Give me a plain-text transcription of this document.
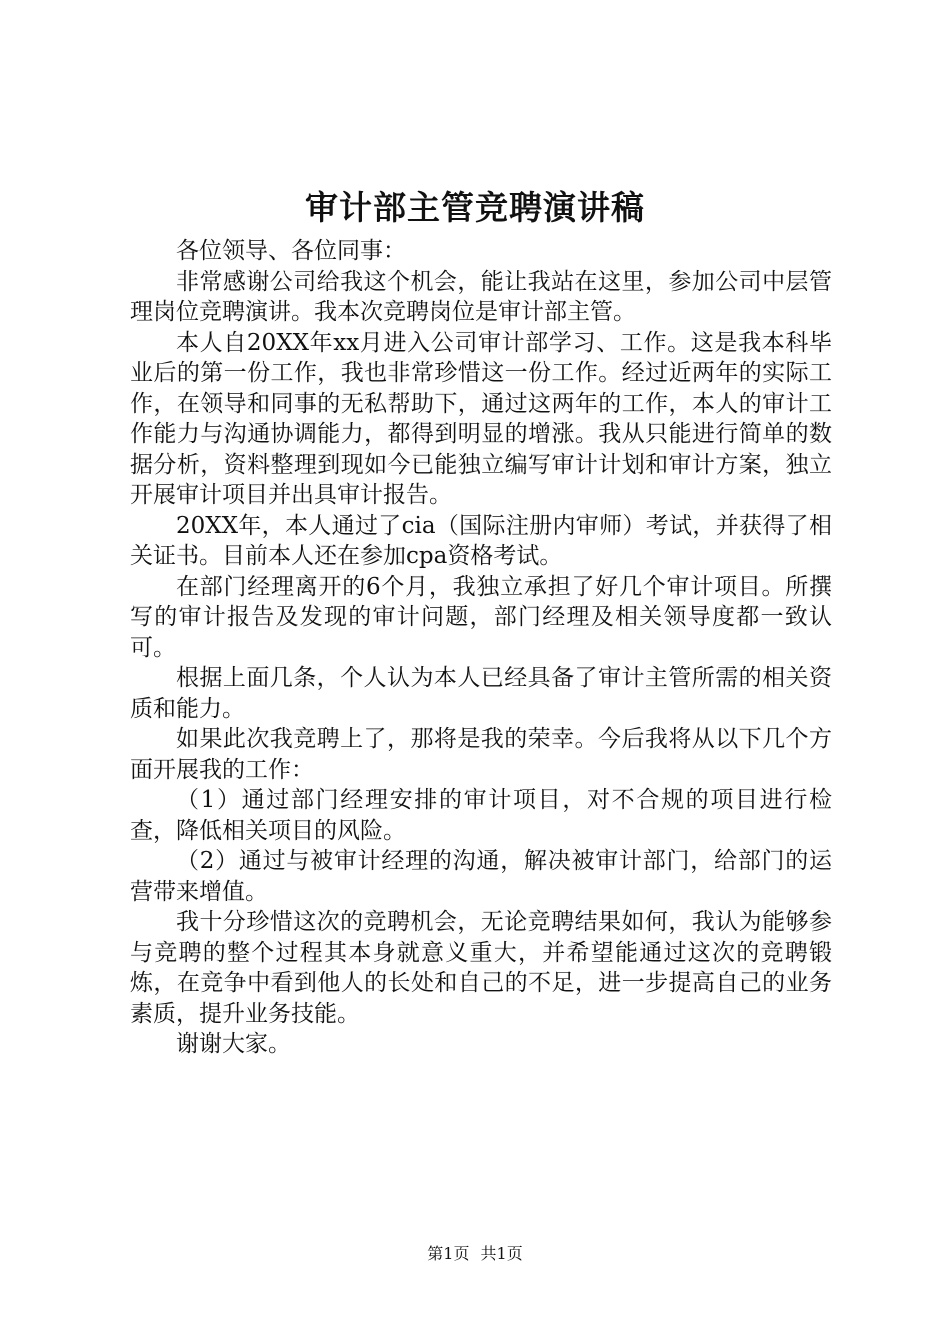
审计部主管竞聘演讲稿

各位领导、各位同事：

非常感谢公司给我这个机会，能让我站在这里，参加公司中层管理岗位竞聘演讲。我本次竞聘岗位是审计部主管。

本人自20XX年xx月进入公司审计部学习、工作。这是我本科毕业后的第一份工作，我也非常珍惜这一份工作。经过近两年的实际工作，在领导和同事的无私帮助下，通过这两年的工作，本人的审计工作能力与沟通协调能力，都得到明显的增涨。我从只能进行简单的数据分析，资料整理到现如今已能独立编写审计计划和审计方案，独立开展审计项目并出具审计报告。

20XX年，本人通过了cia（国际注册内审师）考试，并获得了相关证书。目前本人还在参加cpa资格考试。

在部门经理离开的6个月，我独立承担了好几个审计项目。所撰写的审计报告及发现的审计问题，部门经理及相关领导度都一致认可。

根据上面几条，个人认为本人已经具备了审计主管所需的相关资质和能力。

如果此次我竞聘上了，那将是我的荣幸。今后我将从以下几个方面开展我的工作：

（1）通过部门经理安排的审计项目，对不合规的项目进行检查，降低相关项目的风险。

（2）通过与被审计经理的沟通，解决被审计部门，给部门的运营带来增值。

我十分珍惜这次的竞聘机会，无论竞聘结果如何，我认为能够参与竞聘的整个过程其本身就意义重大，并希望能通过这次的竞聘锻炼，在竞争中看到他人的长处和自己的不足，进一步提高自己的业务素质，提升业务技能。

谢谢大家。

第1页 共1页
